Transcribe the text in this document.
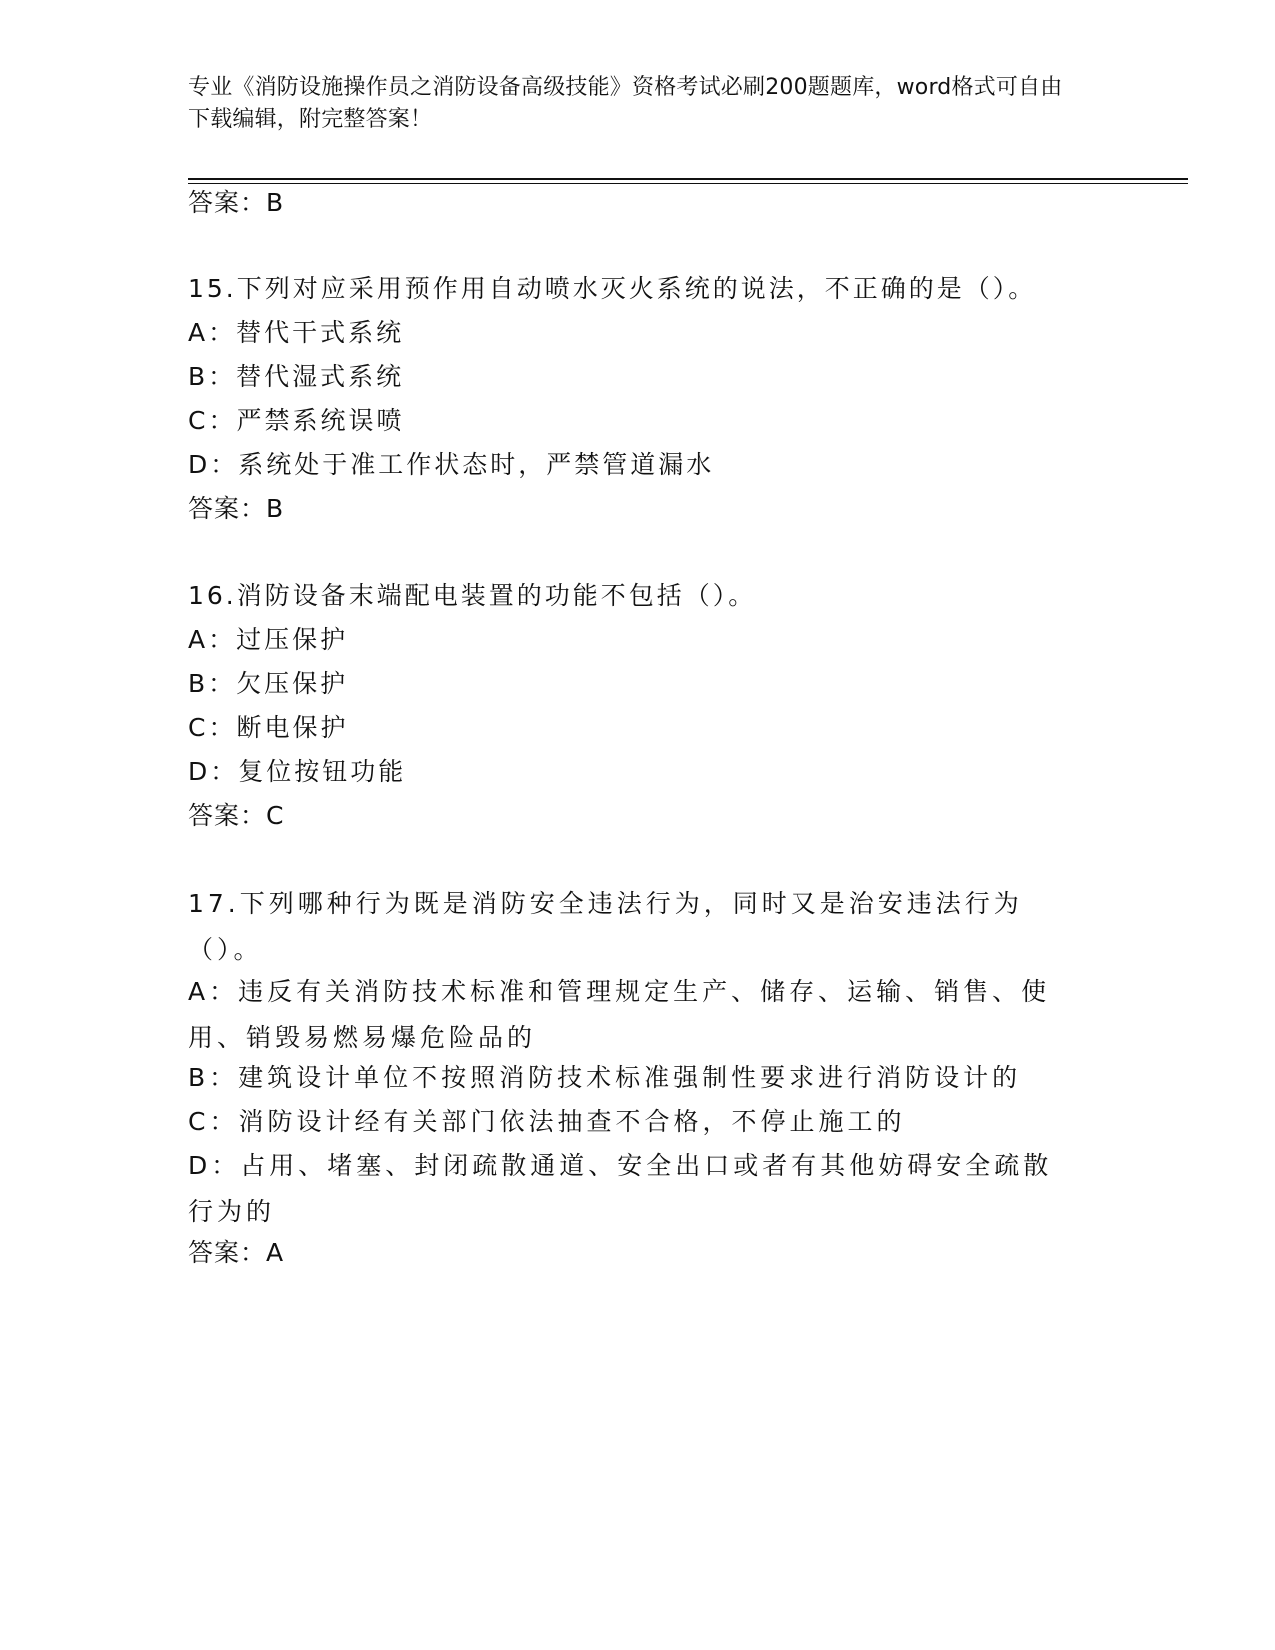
专业《消防设施操作员之消防设备高级技能》资格考试必刷200题题库，word格式可自由下载编辑，附完整答案！
答案：B
15.下列对应采用预作用自动喷水灭火系统的说法，不正确的是（）。
A：替代干式系统
B：替代湿式系统
C：严禁系统误喷
D：系统处于准工作状态时，严禁管道漏水
答案：B
16.消防设备末端配电装置的功能不包括（）。
A：过压保护
B：欠压保护
C：断电保护
D：复位按钮功能
答案：C
17.下列哪种行为既是消防安全违法行为，同时又是治安违法行为（）。
A：违反有关消防技术标准和管理规定生产、储存、运输、销售、使用、销毁易燃易爆危险品的
B：建筑设计单位不按照消防技术标准强制性要求进行消防设计的
C：消防设计经有关部门依法抽查不合格，不停止施工的
D：占用、堵塞、封闭疏散通道、安全出口或者有其他妨碍安全疏散行为的
答案：A
